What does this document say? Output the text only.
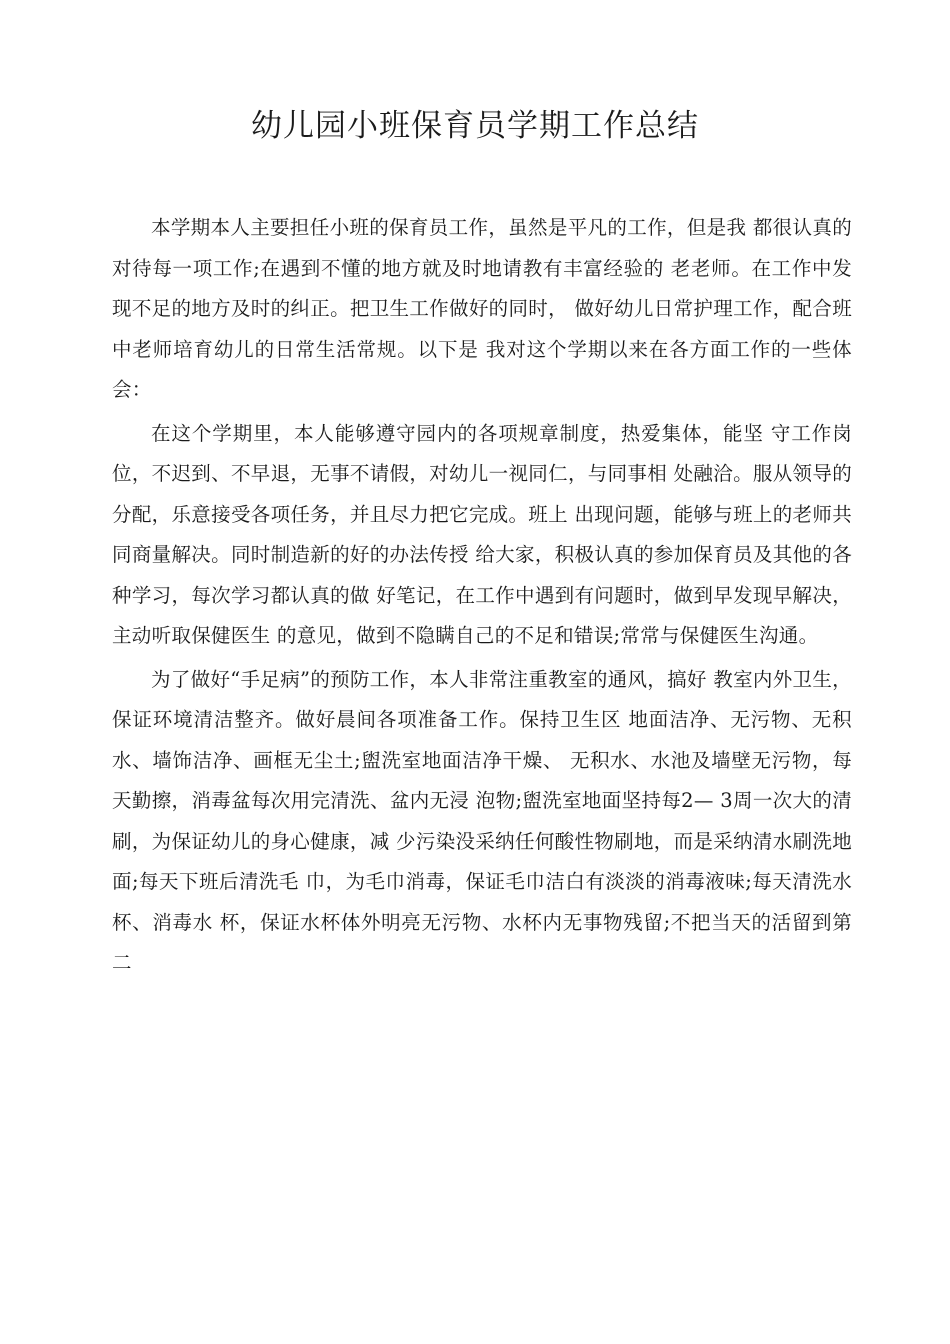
幼儿园小班保育员学期工作总结

本学期本人主要担任小班的保育员工作，虽然是平凡的工作，但是我 都很认真的对待每一项工作;在遇到不懂的地方就及时地请教有丰富经验的 老老师。在工作中发现不足的地方及时的纠正。把卫生工作做好的同时， 做好幼儿日常护理工作，配合班中老师培育幼儿的日常生活常规。以下是 我对这个学期以来在各方面工作的一些体会：

在这个学期里，本人能够遵守园内的各项规章制度，热爱集体，能坚 守工作岗位，不迟到、不早退，无事不请假，对幼儿一视同仁，与同事相 处融洽。服从领导的分配，乐意接受各项任务，并且尽力把它完成。班上 出现问题，能够与班上的老师共同商量解决。同时制造新的好的办法传授 给大家，积极认真的参加保育员及其他的各种学习，每次学习都认真的做 好笔记，在工作中遇到有问题时，做到早发现早解决，主动听取保健医生 的意见，做到不隐瞒自己的不足和错误;常常与保健医生沟通。

为了做好“手足病”的预防工作，本人非常注重教室的通风，搞好 教室内外卫生，保证环境清洁整齐。做好晨间各项准备工作。保持卫生区 地面洁净、无污物、无积水、墙饰洁净、画框无尘土;盥洗室地面洁净干燥、 无积水、水池及墙壁无污物，每天勤擦，消毒盆每次用完清洗、盆内无浸 泡物;盥洗室地面坚持每2— 3周一次大的清刷，为保证幼儿的身心健康，减 少污染没采纳任何酸性物刷地，而是采纳清水刷洗地面;每天下班后清洗毛 巾，为毛巾消毒，保证毛巾洁白有淡淡的消毒液味;每天清洗水杯、消毒水 杯，保证水杯体外明亮无污物、水杯内无事物残留;不把当天的活留到第二
